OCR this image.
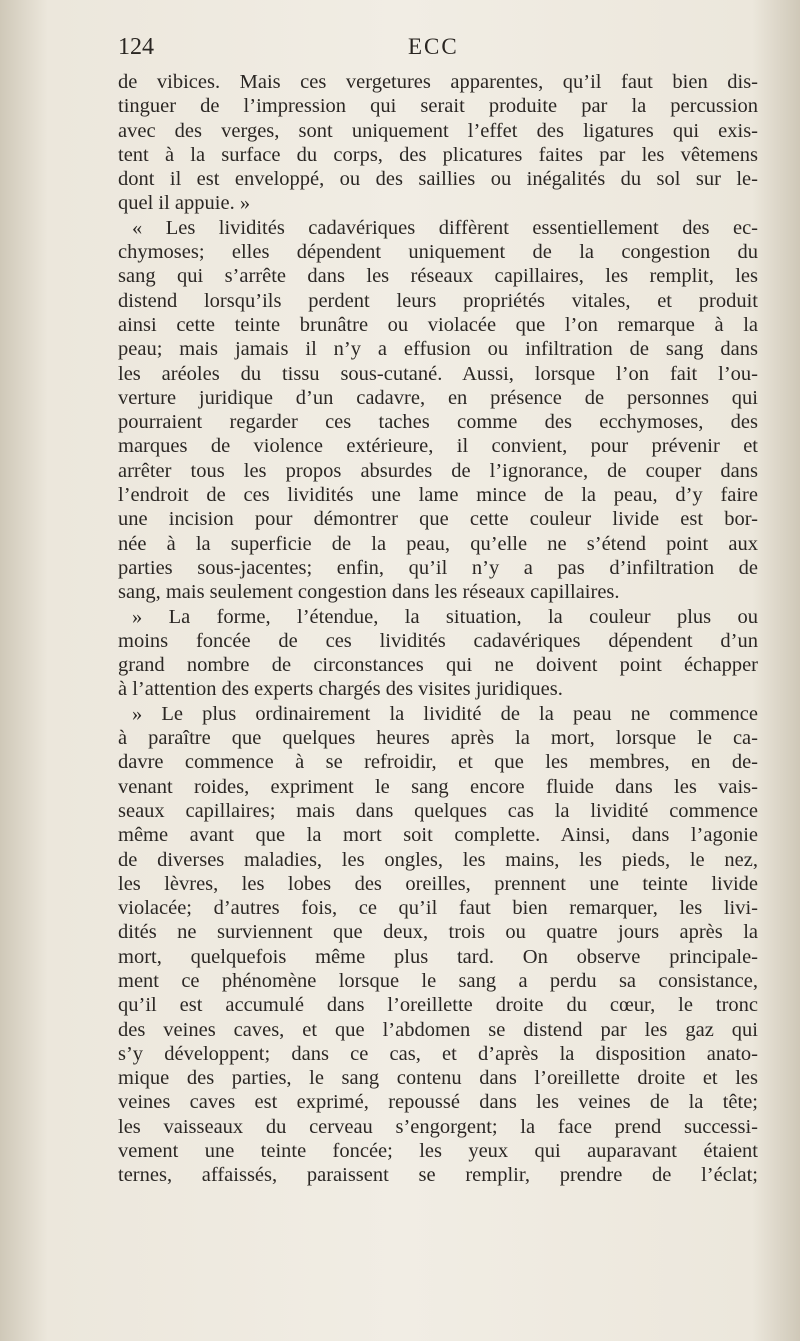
124	ECC
de vibices. Mais ces vergetures apparentes, qu’il faut bien dis-
tinguer de l’impression qui serait produite par la percussion
avec des verges, sont uniquement l’effet des ligatures qui exis-
tent à la surface du corps, des plicatures faites par les vêtemens
dont il est enveloppé, ou des saillies ou inégalités du sol sur le-
quel il appuie. »
« Les lividités cadavériques diffèrent essentiellement des ec-
chymoses; elles dépendent uniquement de la congestion du
sang qui s’arrête dans les réseaux capillaires, les remplit, les
distend lorsqu’ils perdent leurs propriétés vitales, et produit
ainsi cette teinte brunâtre ou violacée que l’on remarque à la
peau; mais jamais il n’y a effusion ou infiltration de sang dans
les aréoles du tissu sous-cutané. Aussi, lorsque l’on fait l’ou-
verture juridique d’un cadavre, en présence de personnes qui
pourraient regarder ces taches comme des ecchymoses, des
marques de violence extérieure, il convient, pour prévenir et
arrêter tous les propos absurdes de l’ignorance, de couper dans
l’endroit de ces lividités une lame mince de la peau, d’y faire
une incision pour démontrer que cette couleur livide est bor-
née à la superficie de la peau, qu’elle ne s’étend point aux
parties sous-jacentes; enfin, qu’il n’y a pas d’infiltration de
sang, mais seulement congestion dans les réseaux capillaires.
» La forme, l’étendue, la situation, la couleur plus ou
moins foncée de ces lividités cadavériques dépendent d’un
grand nombre de circonstances qui ne doivent point échapper
à l’attention des experts chargés des visites juridiques.
» Le plus ordinairement la lividité de la peau ne commence
à paraître que quelques heures après la mort, lorsque le ca-
davre commence à se refroidir, et que les membres, en de-
venant roides, expriment le sang encore fluide dans les vais-
seaux capillaires; mais dans quelques cas la lividité commence
même avant que la mort soit complette. Ainsi, dans l’agonie
de diverses maladies, les ongles, les mains, les pieds, le nez,
les lèvres, les lobes des oreilles, prennent une teinte livide
violacée; d’autres fois, ce qu’il faut bien remarquer, les livi-
dités ne surviennent que deux, trois ou quatre jours après la
mort, quelquefois même plus tard. On observe principale-
ment ce phénomène lorsque le sang a perdu sa consistance,
qu’il est accumulé dans l’oreillette droite du cœur, le tronc
des veines caves, et que l’abdomen se distend par les gaz qui
s’y développent; dans ce cas, et d’après la disposition anato-
mique des parties, le sang contenu dans l’oreillette droite et les
veines caves est exprimé, repoussé dans les veines de la tête;
les vaisseaux du cerveau s’engorgent; la face prend successi-
vement une teinte foncée; les yeux qui auparavant étaient
ternes, affaissés, paraissent se remplir, prendre de l’éclat;
